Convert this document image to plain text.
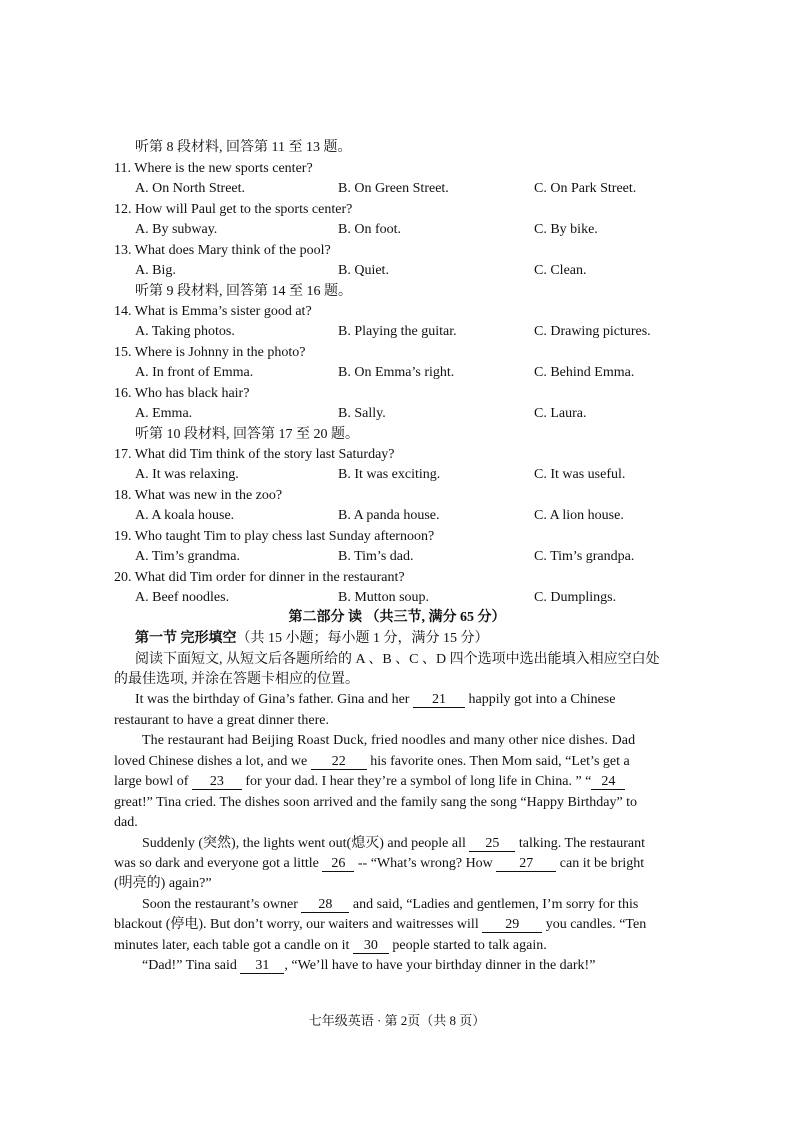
听第 8 段材料, 回答第 11 至 13 题。
11. Where is the new sports center?
A. On North Street.	B. On Green Street.	C. On Park Street.
12. How will Paul get to the sports center?
A. By subway.	B. On foot.	C. By bike.
13. What does Mary think of the pool?
A. Big.	B. Quiet.	C. Clean.
听第 9 段材料, 回答第 14 至 16 题。
14. What is Emma’s sister good at?
A. Taking photos.	B. Playing the guitar.	C. Drawing pictures.
15. Where is Johnny in the photo?
A. In front of Emma.	B. On Emma’s right.	C. Behind Emma.
16. Who has black hair?
A. Emma.	B. Sally.	C. Laura.
听第 10 段材料, 回答第 17 至 20 题。
17. What did Tim think of the story last Saturday?
A. It was relaxing.	B. It was exciting.	C. It was useful.
18. What was new in the zoo?
A. A koala house.	B. A panda house.	C. A lion house.
19. Who taught Tim to play chess last Sunday afternoon?
A. Tim’s grandma.	B. Tim’s dad.	C. Tim’s grandpa.
20. What did Tim order for dinner in the restaurant?
A. Beef noodles.	B. Mutton soup.	C. Dumplings.
第二部分 读 （共三节, 满分 65 分）
第一节 完形填空（共 15 小题；每小题 1 分，满分 15 分）
阅读下面短文, 从短文后各题所给的 A 、B 、C 、D 四个选项中选出能填入相应空白处
的最佳选项, 并涂在答题卡相应的位置。
It was the birthday of Gina’s father. Gina and her 21 happily got into a Chinese
restaurant to have a great dinner there.
The restaurant had Beijing Roast Duck, fried noodles and many other nice dishes. Dad
loved Chinese dishes a lot, and we 22 his favorite ones. Then Mom said, “Let’s get a
large bowl of 23 for your dad. I hear they’re a symbol of long life in China. ” “ 24
great!” Tina cried. The dishes soon arrived and the family sang the song “Happy Birthday” to
dad.
Suddenly (突然), the lights went out(熄灭) and people all 25 talking. The restaurant
was so dark and everyone got a little 26 -- “What’s wrong? How 27 can it be bright
(明亮的) again?”
Soon the restaurant’s owner 28 and said, “Ladies and gentlemen, I’m sorry for this
blackout (停电). But don’t worry, our waiters and waitresses will 29 you candles. “Ten
minutes later, each table got a candle on it 30 people started to talk again.
“Dad!” Tina said 31 , “We’ll have to have your birthday dinner in the dark!”
七年级英语 · 第 2页（共 8 页）
